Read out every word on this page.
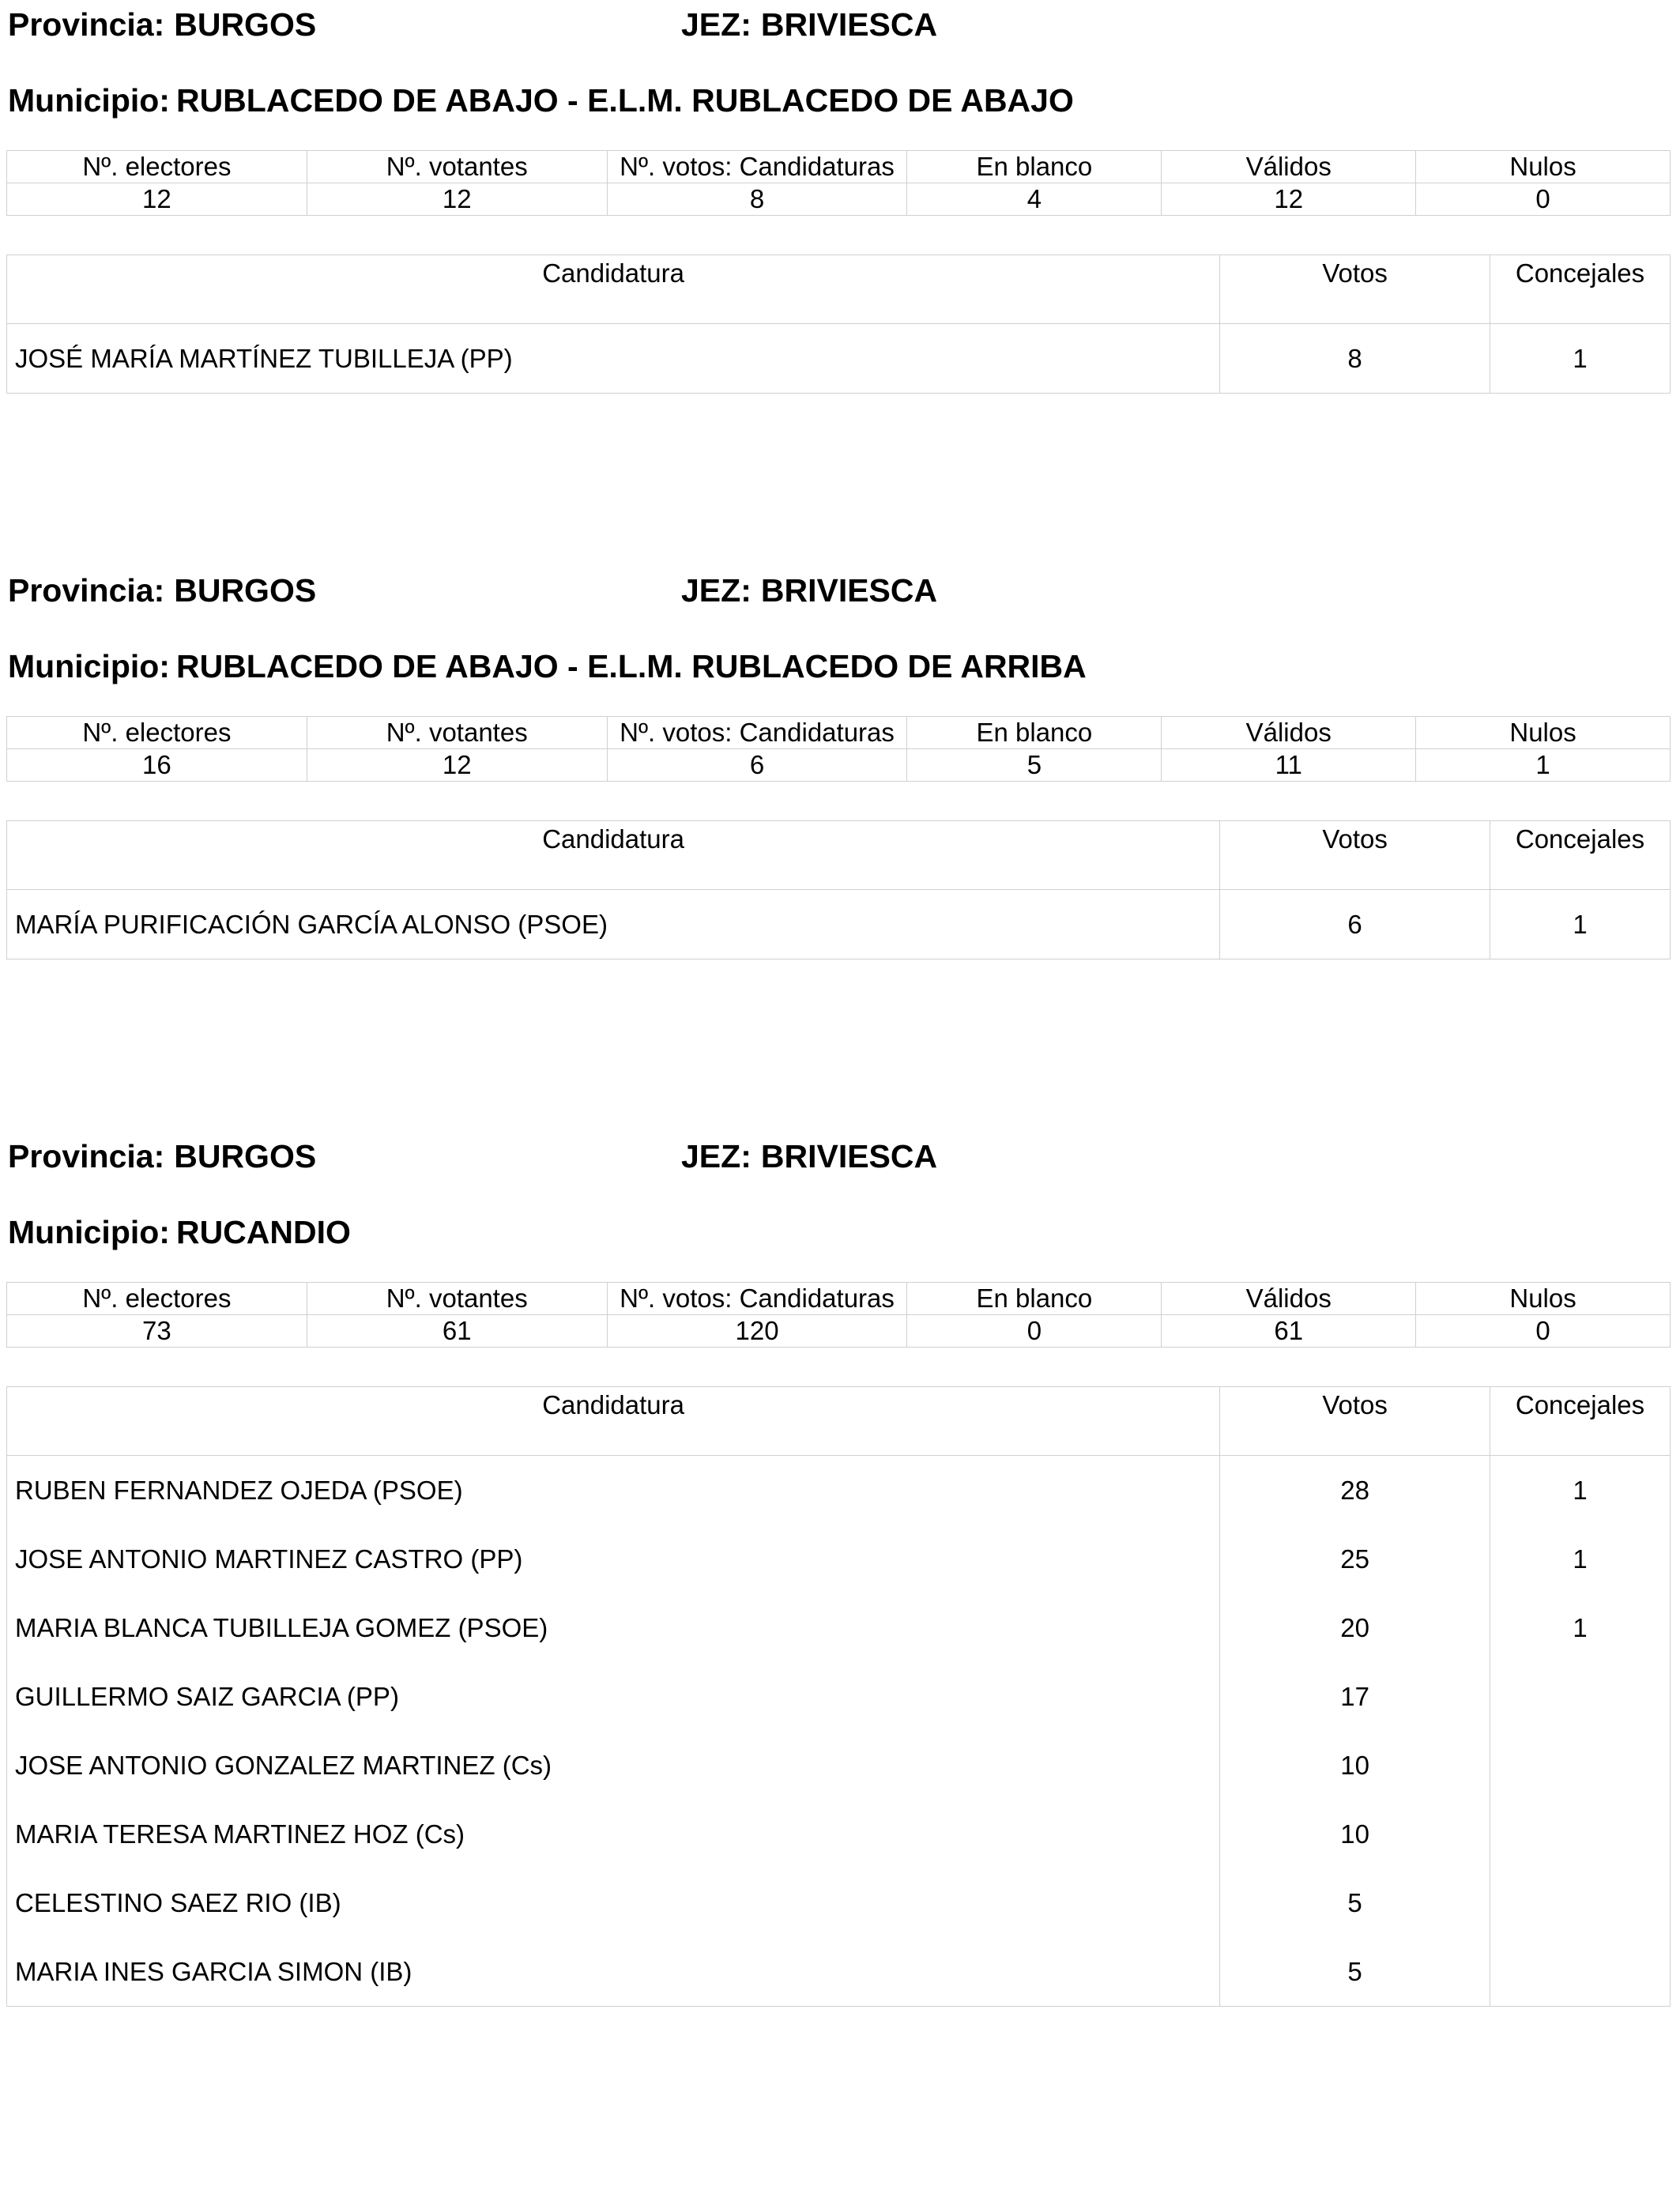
Provincia: BURGOS	JEZ: BRIVIESCA
Municipio: RUBLACEDO DE ABAJO - E.L.M. RUBLACEDO DE ABAJO
Nº. electores	Nº. votantes	Nº. votos: Candidaturas	En blanco	Válidos	Nulos
12	12	8	4	12	0
Candidatura	Votos	Concejales
JOSÉ MARÍA MARTÍNEZ TUBILLEJA (PP)	8	1
Provincia: BURGOS	JEZ: BRIVIESCA
Municipio: RUBLACEDO DE ABAJO - E.L.M. RUBLACEDO DE ARRIBA
Nº. electores	Nº. votantes	Nº. votos: Candidaturas	En blanco	Válidos	Nulos
16	12	6	5	11	1
Candidatura	Votos	Concejales
MARÍA PURIFICACIÓN GARCÍA ALONSO (PSOE)	6	1
Provincia: BURGOS	JEZ: BRIVIESCA
Municipio: RUCANDIO
Nº. electores	Nº. votantes	Nº. votos: Candidaturas	En blanco	Válidos	Nulos
73	61	120	0	61	0
Candidatura	Votos	Concejales
RUBEN FERNANDEZ OJEDA (PSOE)	28	1
JOSE ANTONIO MARTINEZ CASTRO (PP)	25	1
MARIA BLANCA TUBILLEJA GOMEZ (PSOE)	20	1
GUILLERMO SAIZ GARCIA (PP)	17	
JOSE ANTONIO GONZALEZ MARTINEZ (Cs)	10	
MARIA TERESA MARTINEZ HOZ (Cs)	10	
CELESTINO SAEZ RIO (IB)	5	
MARIA INES GARCIA SIMON (IB)	5	
